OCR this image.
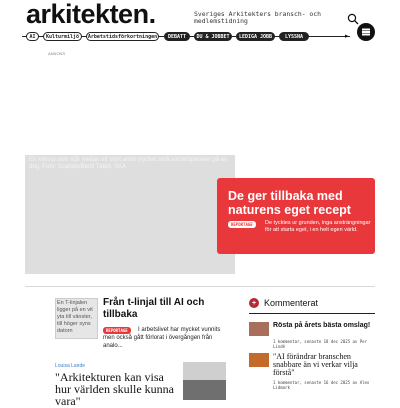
arkitekten.	Sveriges Arkitekters bransch- och medlemstidning
▸
AI	Kulturmiljö	Arbetstidsförkortningen	DEBATT	DU & JOBBET	LEDIGA JOBB	LYSSNA
ANNONS
En kvinna som står mellan ett stort antal mycket små solcellspaneler på en äng. Foto: Scanpix/Bertil Tidén, SKA
De ger tillbaka med naturens eget recept
REPORTAGE	De tycktes ur grunden, inga ansträngningar för att starta eget, i en helt egen värld.
En T-linjalen ligger på en vit yta till vänster, till höger syns datorn
Från t-linjal till AI och tillbaka
I arbetslivet har mycket vunnits men också gått förlorat i övergången från analo...
REPORTAGE
Louisa Lande
"Arkitekturen kan visa hur världen skulle kunna vara"
+ Kommenterat
Rösta på årets bästa omslag!
1 kommentar, senaste 18 dec 2025 av Per Lindé
"AI förändrar branschen snabbare än vi verkar vilja förstå"
1 kommentar, senaste 16 dec 2025 av Alex Lidmark
